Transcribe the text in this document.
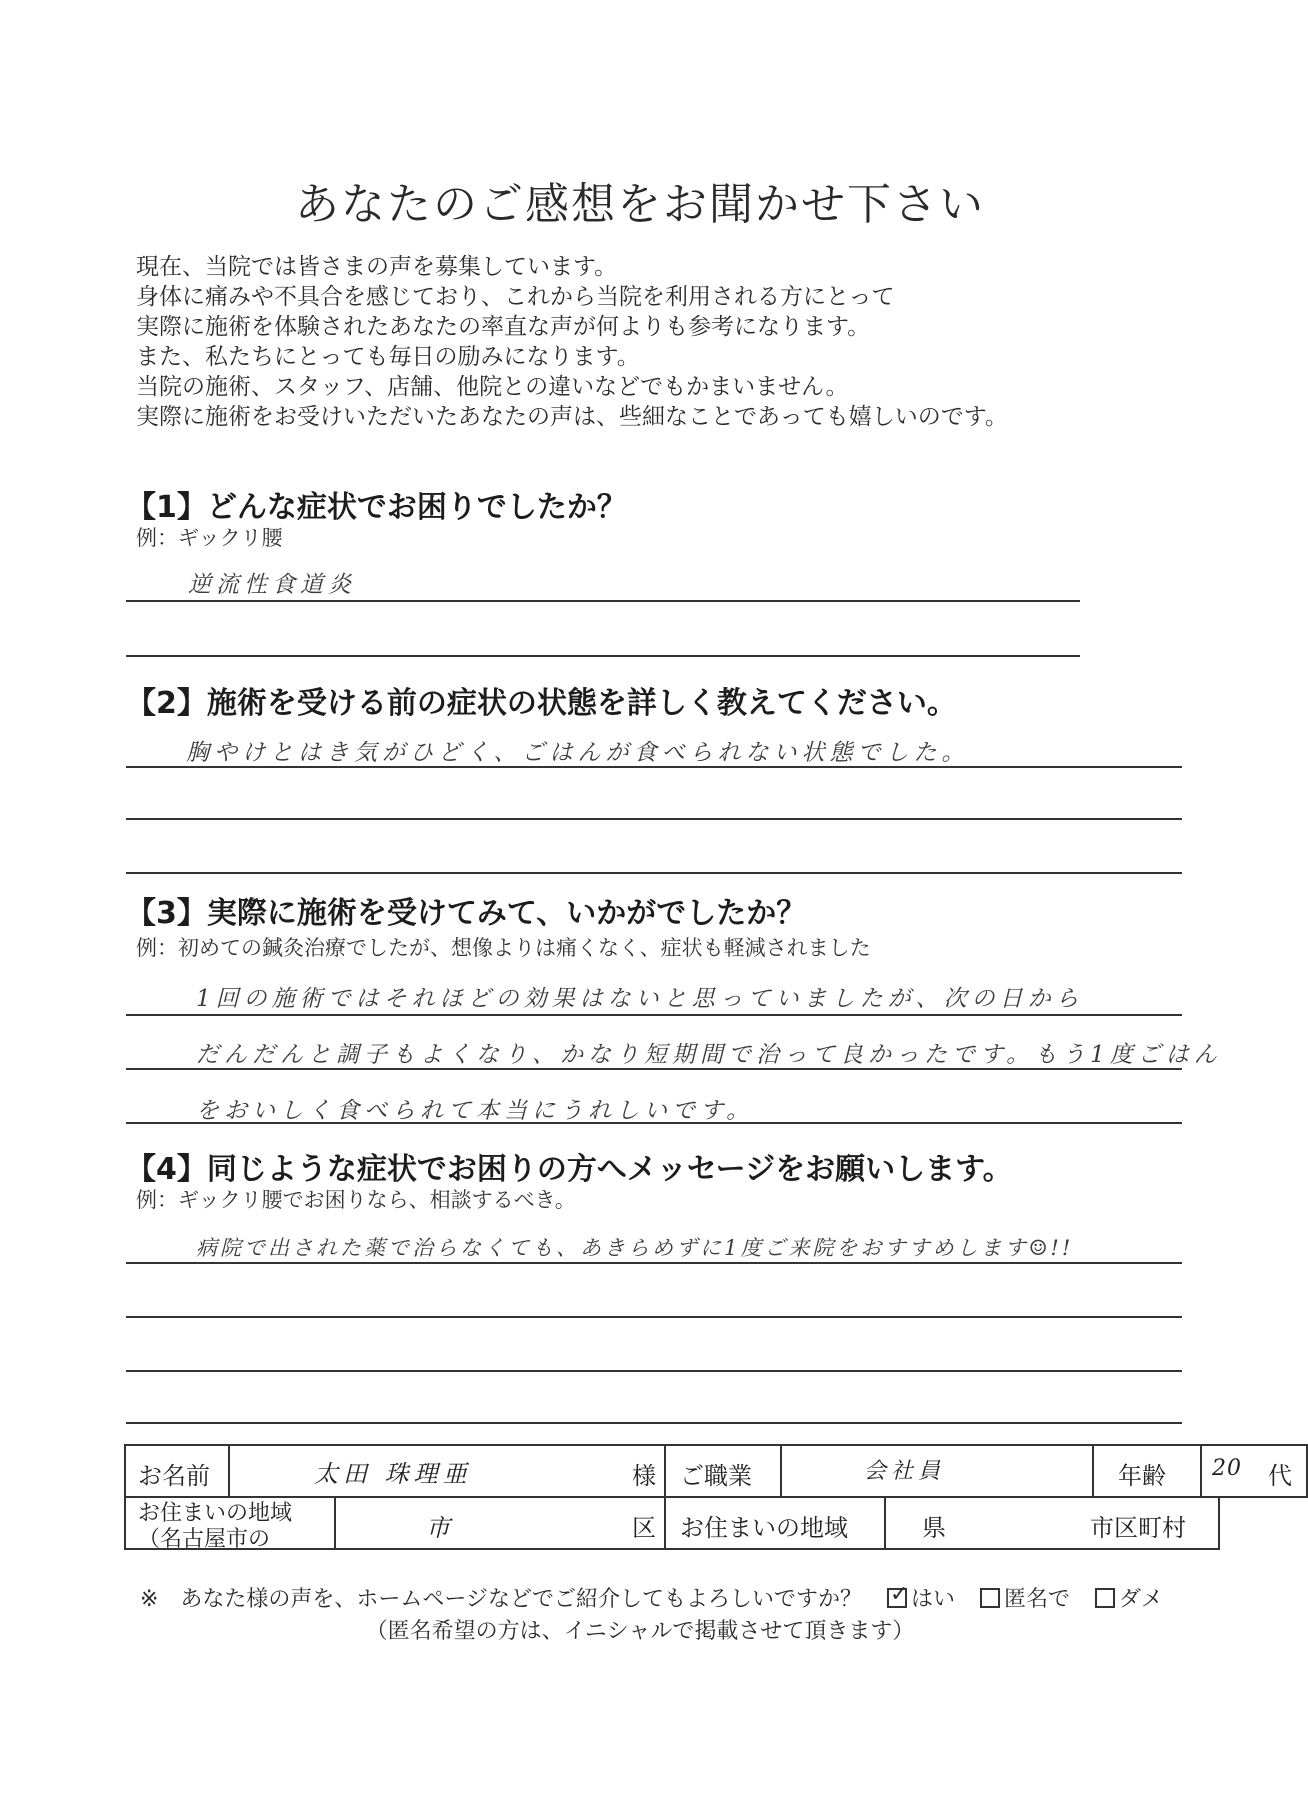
あなたのご感想をお聞かせ下さい
現在、当院では皆さまの声を募集しています。
身体に痛みや不具合を感じており、これから当院を利用される方にとって
実際に施術を体験されたあなたの率直な声が何よりも参考になります。
また、私たちにとっても毎日の励みになります。
当院の施術、スタッフ、店舗、他院との違いなどでもかまいません。
実際に施術をお受けいただいたあなたの声は、些細なことであっても嬉しいのです。
【1】どんな症状でお困りでしたか？
例：ギックリ腰
逆流性食道炎
【2】施術を受ける前の症状の状態を詳しく教えてください。
胸やけとはき気がひどく、ごはんが食べられない状態でした。
【3】実際に施術を受けてみて、いかがでしたか？
例：初めての鍼灸治療でしたが、想像よりは痛くなく、症状も軽減されました
1回の施術ではそれほどの効果はないと思っていましたが、次の日から
だんだんと調子もよくなり、かなり短期間で治って良かったです。もう1度ごはん
をおいしく食べられて本当にうれしいです。
【4】同じような症状でお困りの方へメッセージをお願いします。
例：ギックリ腰でお困りなら、相談するべき。
病院で出された薬で治らなくても、あきらめずに1度ご来院をおすすめします☺!!
お名前	太田 珠理亜	様 ご職業	会社員	年齢 20 代
お住まいの地域
（名古屋市の	市	区 お住まいの地域	県	市区町村
※　あなた様の声を、ホームページなどでご紹介してもよろしいですか？ ✓ はい 匿名で ダメ
（匿名希望の方は、イニシャルで掲載させて頂きます）
